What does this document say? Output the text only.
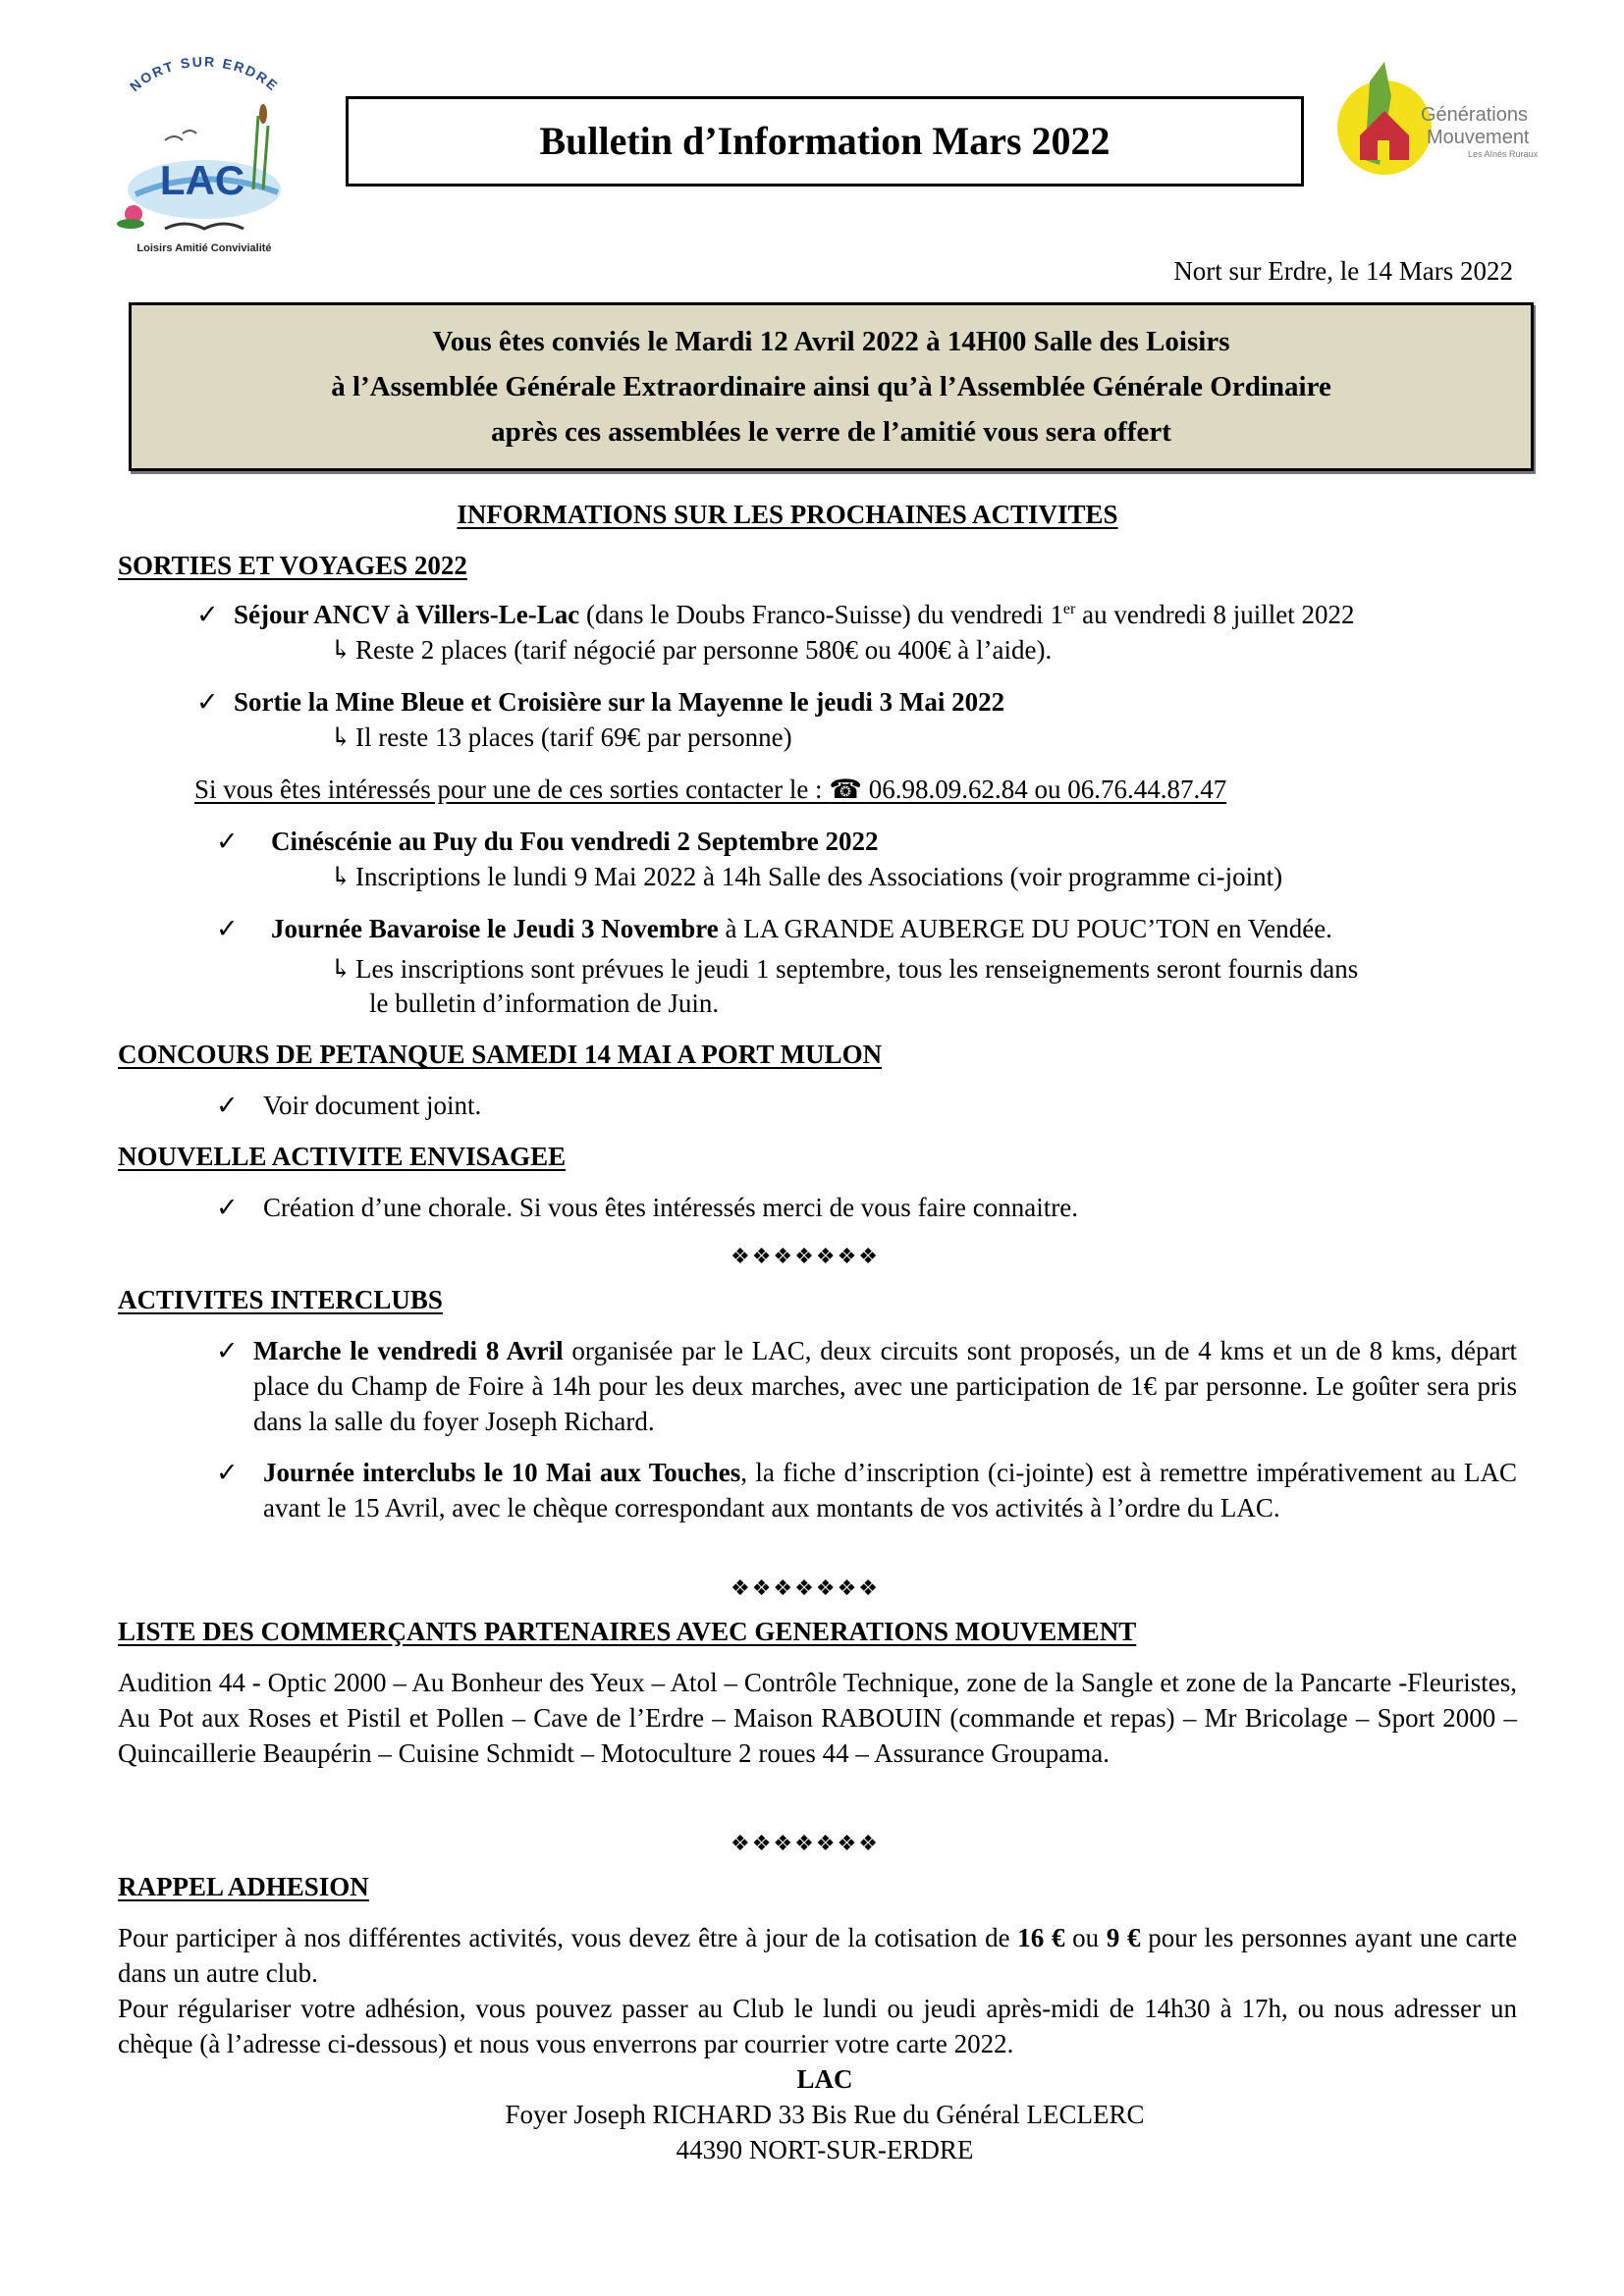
NORT SUR ERDRE
LAC
Loisirs Amitié Convivialité
Générations
Mouvement
Les Aînés Ruraux
Bulletin d’Information Mars 2022
Nort sur Erdre, le 14 Mars 2022
Vous êtes conviés le Mardi 12 Avril 2022 à 14H00 Salle des Loisirs
à l’Assemblée Générale Extraordinaire ainsi qu’à l’Assemblée Générale Ordinaire
après ces assemblées le verre de l’amitié vous sera offert
INFORMATIONS SUR LES PROCHAINES ACTIVITES
SORTIES ET VOYAGES 2022
✓ Séjour ANCV à Villers-Le-Lac (dans le Doubs Franco-Suisse) du vendredi 1er au vendredi 8 juillet 2022
↳ Reste 2 places (tarif négocié par personne 580€ ou 400€ à l’aide).
✓ Sortie la Mine Bleue et Croisière sur la Mayenne le jeudi 3 Mai 2022
↳ Il reste 13 places (tarif 69€ par personne)
Si vous êtes intéressés pour une de ces sorties contacter le : ☎ 06.98.09.62.84 ou 06.76.44.87.47
✓ Cinéscénie au Puy du Fou vendredi 2 Septembre 2022
↳ Inscriptions le lundi 9 Mai 2022 à 14h Salle des Associations (voir programme ci-joint)
✓ Journée Bavaroise le Jeudi 3 Novembre à LA GRANDE AUBERGE DU POUC’TON en Vendée.
↳ Les inscriptions sont prévues le jeudi 1 septembre, tous les renseignements seront fournis dans
le bulletin d’information de Juin.
CONCOURS DE PETANQUE SAMEDI 14 MAI A PORT MULON
✓ Voir document joint.
NOUVELLE ACTIVITE ENVISAGEE
✓ Création d’une chorale. Si vous êtes intéressés merci de vous faire connaitre.
❖❖❖❖❖❖❖
ACTIVITES INTERCLUBS
✓ Marche le vendredi 8 Avril organisée par le LAC, deux circuits sont proposés, un de 4 kms et un de 8 kms, départ place du Champ de Foire à 14h pour les deux marches, avec une participation de 1€ par personne. Le goûter sera pris dans la salle du foyer Joseph Richard.
✓ Journée interclubs le 10 Mai aux Touches, la fiche d’inscription (ci-jointe) est à remettre impérativement au LAC avant le 15 Avril, avec le chèque correspondant aux montants de vos activités à l’ordre du LAC.
❖❖❖❖❖❖❖
LISTE DES COMMERÇANTS PARTENAIRES AVEC GENERATIONS MOUVEMENT
Audition 44 - Optic 2000 – Au Bonheur des Yeux – Atol – Contrôle Technique, zone de la Sangle et zone de la Pancarte -Fleuristes, Au Pot aux Roses et Pistil et Pollen – Cave de l’Erdre – Maison RABOUIN (commande et repas) – Mr Bricolage – Sport 2000 – Quincaillerie Beaupérin – Cuisine Schmidt – Motoculture 2 roues 44 – Assurance Groupama.
❖❖❖❖❖❖❖
RAPPEL ADHESION
Pour participer à nos différentes activités, vous devez être à jour de la cotisation de 16 € ou 9 € pour les personnes ayant une carte dans un autre club.
Pour régulariser votre adhésion, vous pouvez passer au Club le lundi ou jeudi après-midi de 14h30 à 17h, ou nous adresser un chèque (à l’adresse ci-dessous) et nous vous enverrons par courrier votre carte 2022.
LAC
Foyer Joseph RICHARD 33 Bis Rue du Général LECLERC
44390 NORT-SUR-ERDRE
